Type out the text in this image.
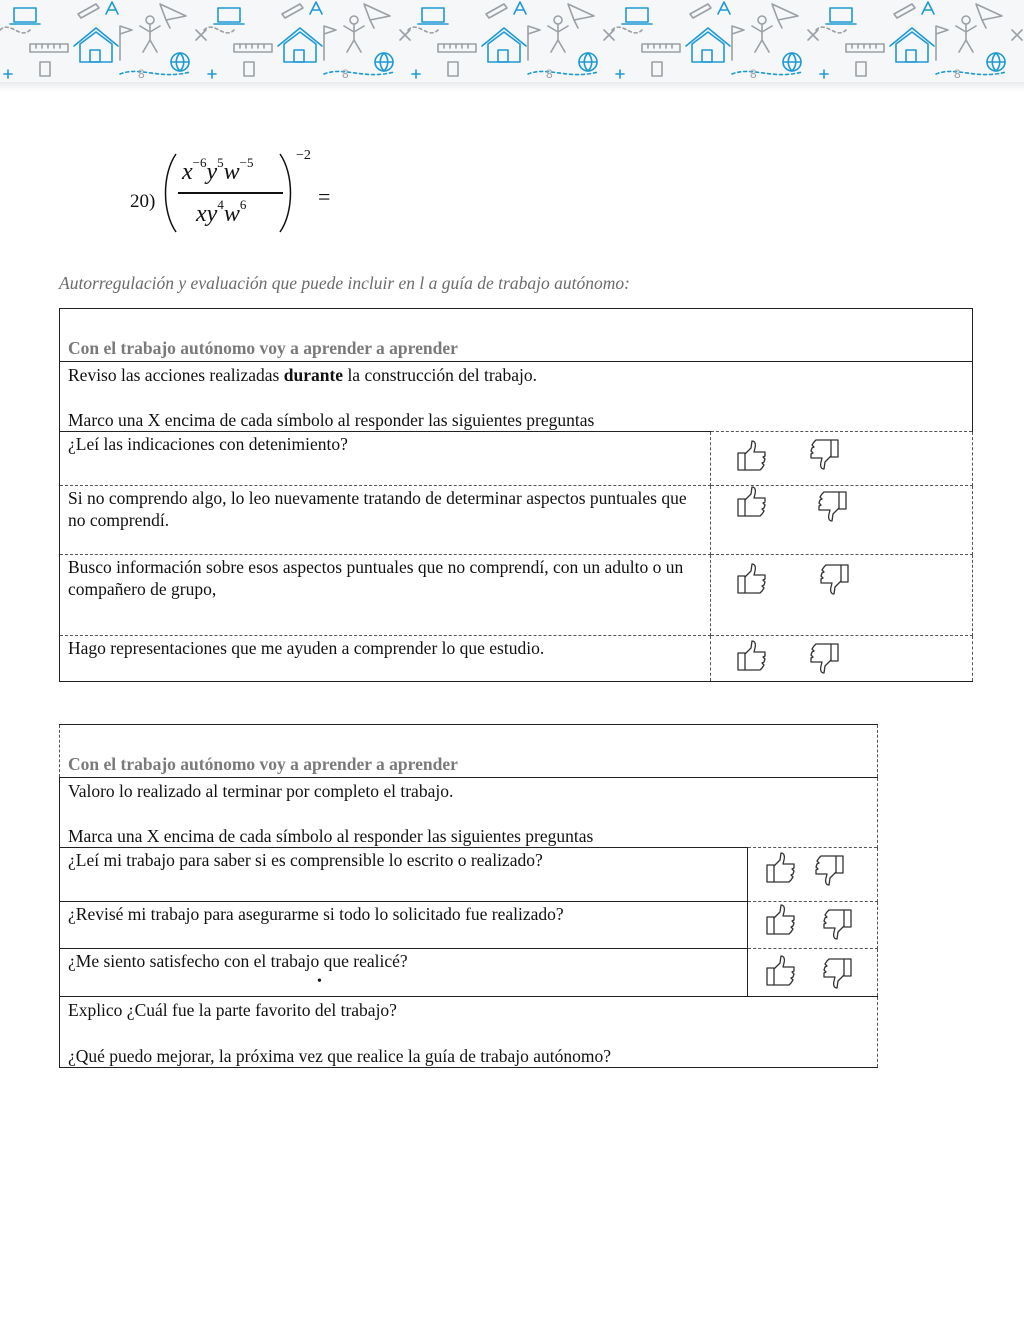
8
20)
$x^{-6}y^5w^{-5}$
$xy^4w^6$
−2
=
Autorregulación y evaluación que puede incluir en l a guía de trabajo autónomo:
Con el trabajo autónomo voy a aprender a aprender	

Reviso las acciones realizadas durante la construcción del trabajo.
Marco una X encima de cada símbolo al responder las siguientes preguntas	

¿Leí las indicaciones con detenimiento?	

Si no comprendo algo, lo leo nuevamente tratando de determinar aspectos puntuales que no comprendí.	

Busco información sobre esos aspectos puntuales que no comprendí, con un adulto o un compañero de grupo,	

Hago representaciones que me ayuden a comprender lo que estudio.	
Con el trabajo autónomo voy a aprender a aprender	

Valoro lo realizado al terminar por completo el trabajo.
Marca una X encima de cada símbolo al responder las siguientes preguntas	

¿Leí mi trabajo para saber si es comprensible lo escrito o realizado?	

¿Revisé mi trabajo para asegurarme si todo lo solicitado fue realizado?	

¿Me siento satisfecho con el trabajo que realicé?
•

Explico ¿Cuál fue la parte favorito del trabajo?
¿Qué puedo mejorar, la próxima vez que realice la guía de trabajo autónomo?	
